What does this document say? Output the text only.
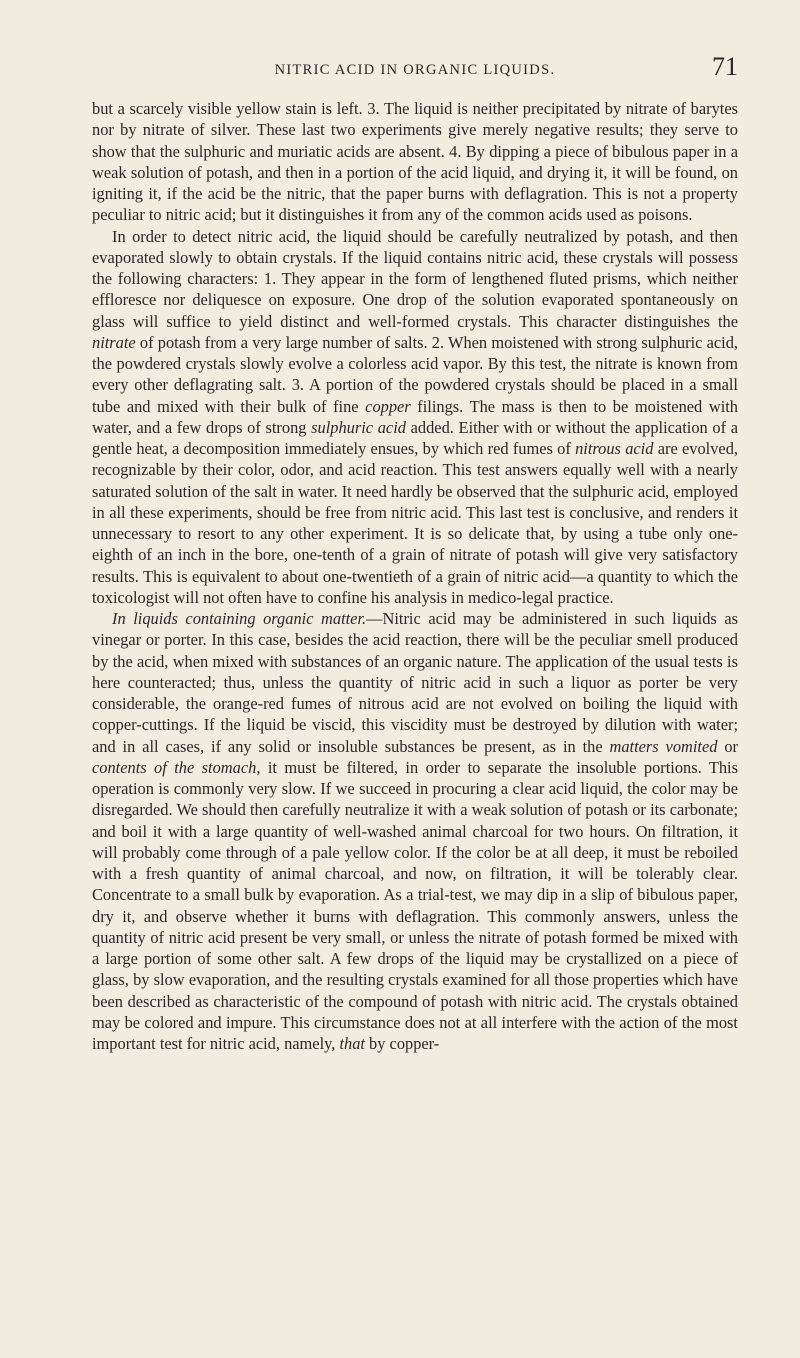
NITRIC ACID IN ORGANIC LIQUIDS.	71

but a scarcely visible yellow stain is left. 3. The liquid is neither precipitated by nitrate of barytes nor by nitrate of silver. These last two experiments give merely negative results; they serve to show that the sulphuric and muriatic acids are absent. 4. By dipping a piece of bibulous paper in a weak solution of potash, and then in a portion of the acid liquid, and drying it, it will be found, on igniting it, if the acid be the nitric, that the paper burns with deflagration. This is not a property peculiar to nitric acid; but it distinguishes it from any of the common acids used as poisons.

In order to detect nitric acid, the liquid should be carefully neutralized by potash, and then evaporated slowly to obtain crystals. If the liquid contains nitric acid, these crystals will possess the following characters: 1. They appear in the form of lengthened fluted prisms, which neither effloresce nor deliquesce on exposure. One drop of the solution evaporated spontaneously on glass will suffice to yield distinct and well-formed crystals. This character distinguishes the nitrate of potash from a very large number of salts. 2. When moistened with strong sulphuric acid, the powdered crystals slowly evolve a colorless acid vapor. By this test, the nitrate is known from every other deflagrating salt. 3. A portion of the powdered crystals should be placed in a small tube and mixed with their bulk of fine copper filings. The mass is then to be moistened with water, and a few drops of strong sulphuric acid added. Either with or without the application of a gentle heat, a decomposition immediately ensues, by which red fumes of nitrous acid are evolved, recognizable by their color, odor, and acid reaction. This test answers equally well with a nearly saturated solution of the salt in water. It need hardly be observed that the sulphuric acid, employed in all these experiments, should be free from nitric acid. This last test is conclusive, and renders it unnecessary to resort to any other experiment. It is so delicate that, by using a tube only one-eighth of an inch in the bore, one-tenth of a grain of nitrate of potash will give very satisfactory results. This is equivalent to about one-twentieth of a grain of nitric acid—a quantity to which the toxicologist will not often have to confine his analysis in medico-legal practice.

In liquids containing organic matter.—Nitric acid may be administered in such liquids as vinegar or porter. In this case, besides the acid reaction, there will be the peculiar smell produced by the acid, when mixed with substances of an organic nature. The application of the usual tests is here counteracted; thus, unless the quantity of nitric acid in such a liquor as porter be very considerable, the orange-red fumes of nitrous acid are not evolved on boiling the liquid with copper-cuttings. If the liquid be viscid, this viscidity must be destroyed by dilution with water; and in all cases, if any solid or insoluble substances be present, as in the matters vomited or contents of the stomach, it must be filtered, in order to separate the insoluble portions. This operation is commonly very slow. If we succeed in procuring a clear acid liquid, the color may be disregarded. We should then carefully neutralize it with a weak solution of potash or its carbonate; and boil it with a large quantity of well-washed animal charcoal for two hours. On filtration, it will probably come through of a pale yellow color. If the color be at all deep, it must be reboiled with a fresh quantity of animal charcoal, and now, on filtration, it will be tolerably clear. Concentrate to a small bulk by evaporation. As a trial-test, we may dip in a slip of bibulous paper, dry it, and observe whether it burns with deflagration. This commonly answers, unless the quantity of nitric acid present be very small, or unless the nitrate of potash formed be mixed with a large portion of some other salt. A few drops of the liquid may be crystallized on a piece of glass, by slow evaporation, and the resulting crystals examined for all those properties which have been described as characteristic of the compound of potash with nitric acid. The crystals obtained may be colored and impure. This circumstance does not at all interfere with the action of the most important test for nitric acid, namely, that by copper-
